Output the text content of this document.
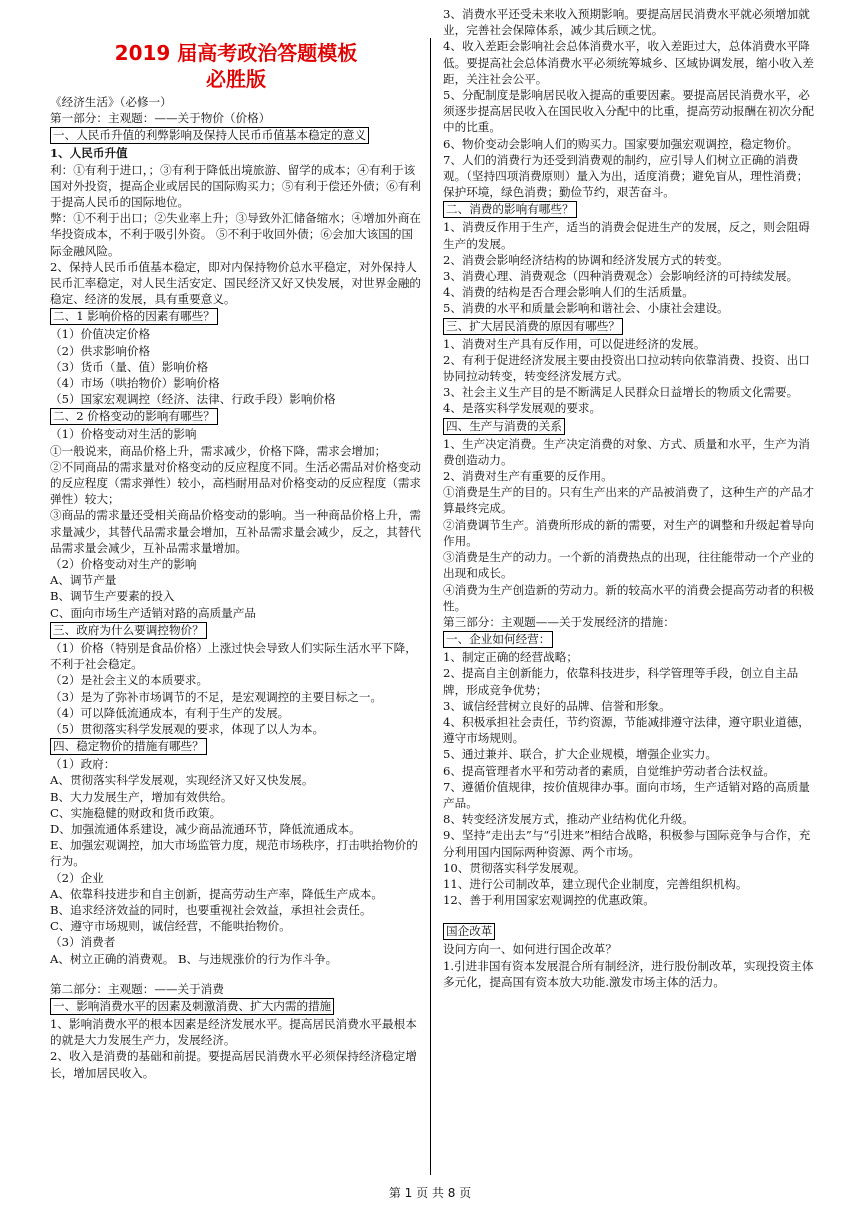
2019 届高考政治答题模板
必胜版

《经济生活》（必修一）

第一部分：主观题：——关于物价（价格）

一、人民币升值的利弊影响及保持人民币币值基本稳定的意义

1、人民币升值

利：①有利于进口，；③有利于降低出境旅游、留学的成本；④有利于该国对外投资，提高企业或居民的国际购买力；⑤有利于偿还外债；⑥有利于提高人民币的国际地位。

弊：①不利于出口；②失业率上升；③导致外汇储备缩水；④增加外商在华投资成本，不利于吸引外资。 ⑤不利于收回外债；⑥会加大该国的国际金融风险。

2、保持人民币币值基本稳定，即对内保持物价总水平稳定，对外保持人民币汇率稳定，对人民生活安定、国民经济又好又快发展，对世界金融的稳定、经济的发展，具有重要意义。

二、1 影响价格的因素有哪些？

（1）价值决定价格

（2）供求影响价格

（3）货币（量、值）影响价格

（4）市场（哄抬物价）影响价格

（5）国家宏观调控（经济、法律、行政手段）影响价格

二、2 价格变动的影响有哪些？

（1）价格变动对生活的影响

①一般说来，商品价格上升，需求减少，价格下降，需求会增加；

②不同商品的需求量对价格变动的反应程度不同。生活必需品对价格变动的反应程度（需求弹性）较小，高档耐用品对价格变动的反应程度（需求弹性）较大；

③商品的需求量还受相关商品价格变动的影响。当一种商品价格上升，需求量减少，其替代品需求量会增加，互补品需求量会减少，反之，其替代品需求量会减少，互补品需求量增加。

（2）价格变动对生产的影响

A、调节产量

B、调节生产要素的投入

C、面向市场生产适销对路的高质量产品

三、政府为什么要调控物价？

（1）价格（特别是食品价格）上涨过快会导致人们实际生活水平下降，不利于社会稳定。

（2）是社会主义的本质要求。

（3）是为了弥补市场调节的不足，是宏观调控的主要目标之一。

（4）可以降低流通成本，有利于生产的发展。

（5）贯彻落实科学发展观的要求，体现了以人为本。

四、稳定物价的措施有哪些？

（1）政府：

A、贯彻落实科学发展观，实现经济又好又快发展。

B、大力发展生产，增加有效供给。

C、实施稳健的财政和货币政策。

D、加强流通体系建设，减少商品流通环节，降低流通成本。

E、加强宏观调控，加大市场监管力度，规范市场秩序，打击哄抬物价的行为。

（2）企业

A、依靠科技进步和自主创新，提高劳动生产率，降低生产成本。

B、追求经济效益的同时，也要重视社会效益，承担社会责任。

C、遵守市场规则，诚信经营，不能哄抬物价。

（3）消费者

A、树立正确的消费观。 B、与违规涨价的行为作斗争。

第二部分：主观题：——关于消费

一、影响消费水平的因素及刺激消费、扩大内需的措施

1、影响消费水平的根本因素是经济发展水平。提高居民消费水平最根本的就是大力发展生产力，发展经济。

2、收入是消费的基础和前提。要提高居民消费水平必须保持经济稳定增长，增加居民收入。

3、消费水平还受未来收入预期影响。要提高居民消费水平就必须增加就业，完善社会保障体系，减少其后顾之忧。

4、收入差距会影响社会总体消费水平，收入差距过大，总体消费水平降低。要提高社会总体消费水平必须统筹城乡、区域协调发展，缩小收入差距，关注社会公平。

5、分配制度是影响居民收入提高的重要因素。要提高居民消费水平，必须逐步提高居民收入在国民收入分配中的比重，提高劳动报酬在初次分配中的比重。

6、物价变动会影响人们的购买力。国家要加强宏观调控，稳定物价。

7、人们的消费行为还受到消费观的制约，应引导人们树立正确的消费观。（坚持四项消费原则）量入为出，适度消费；避免盲从，理性消费；保护环境，绿色消费；勤俭节约，艰苦奋斗。

二、消费的影响有哪些？

1、消费反作用于生产，适当的消费会促进生产的发展，反之，则会阻碍生产的发展。

2、消费会影响经济结构的协调和经济发展方式的转变。

3、消费心理、消费观念（四种消费观念）会影响经济的可持续发展。

4、消费的结构是否合理会影响人们的生活质量。

5、消费的水平和质量会影响和谐社会、小康社会建设。

三、扩大居民消费的原因有哪些？

1、消费对生产具有反作用，可以促进经济的发展。

2、有利于促进经济发展主要由投资出口拉动转向依靠消费、投资、出口协同拉动转变，转变经济发展方式。

3、社会主义生产目的是不断满足人民群众日益增长的物质文化需要。

4、是落实科学发展观的要求。

四、生产与消费的关系

1、生产决定消费。生产决定消费的对象、方式、质量和水平，生产为消费创造动力。

2、消费对生产有重要的反作用。

①消费是生产的目的。只有生产出来的产品被消费了，这种生产的产品才算最终完成。

②消费调节生产。消费所形成的新的需要，对生产的调整和升级起着导向作用。

③消费是生产的动力。一个新的消费热点的出现，往往能带动一个产业的出现和成长。

④消费为生产创造新的劳动力。新的较高水平的消费会提高劳动者的积极性。

第三部分：主观题——关于发展经济的措施：

一、企业如何经营：

1、制定正确的经营战略；

2、提高自主创新能力，依靠科技进步，科学管理等手段，创立自主品牌，形成竞争优势；

3、诚信经营树立良好的品牌、信誉和形象。

4、积极承担社会责任，节约资源，节能减排遵守法律，遵守职业道德，遵守市场规则。

5、通过兼并、联合，扩大企业规模，增强企业实力。

6、提高管理者水平和劳动者的素质，自觉维护劳动者合法权益。

7、遵循价值规律，按价值规律办事。面向市场，生产适销对路的高质量产品。

8、转变经济发展方式，推动产业结构优化升级。

9、坚持“走出去”与“引进来”相结合战略，积极参与国际竞争与合作，充分利用国内国际两种资源、两个市场。

10、贯彻落实科学发展观。

11、进行公司制改革，建立现代企业制度，完善组织机构。

12、善于利用国家宏观调控的优惠政策。

国企改革

设问方向一、如何进行国企改革？

1.引进非国有资本发展混合所有制经济，进行股份制改革，实现投资主体多元化，提高国有资本放大功能.激发市场主体的活力。

第 1 页 共 8 页
